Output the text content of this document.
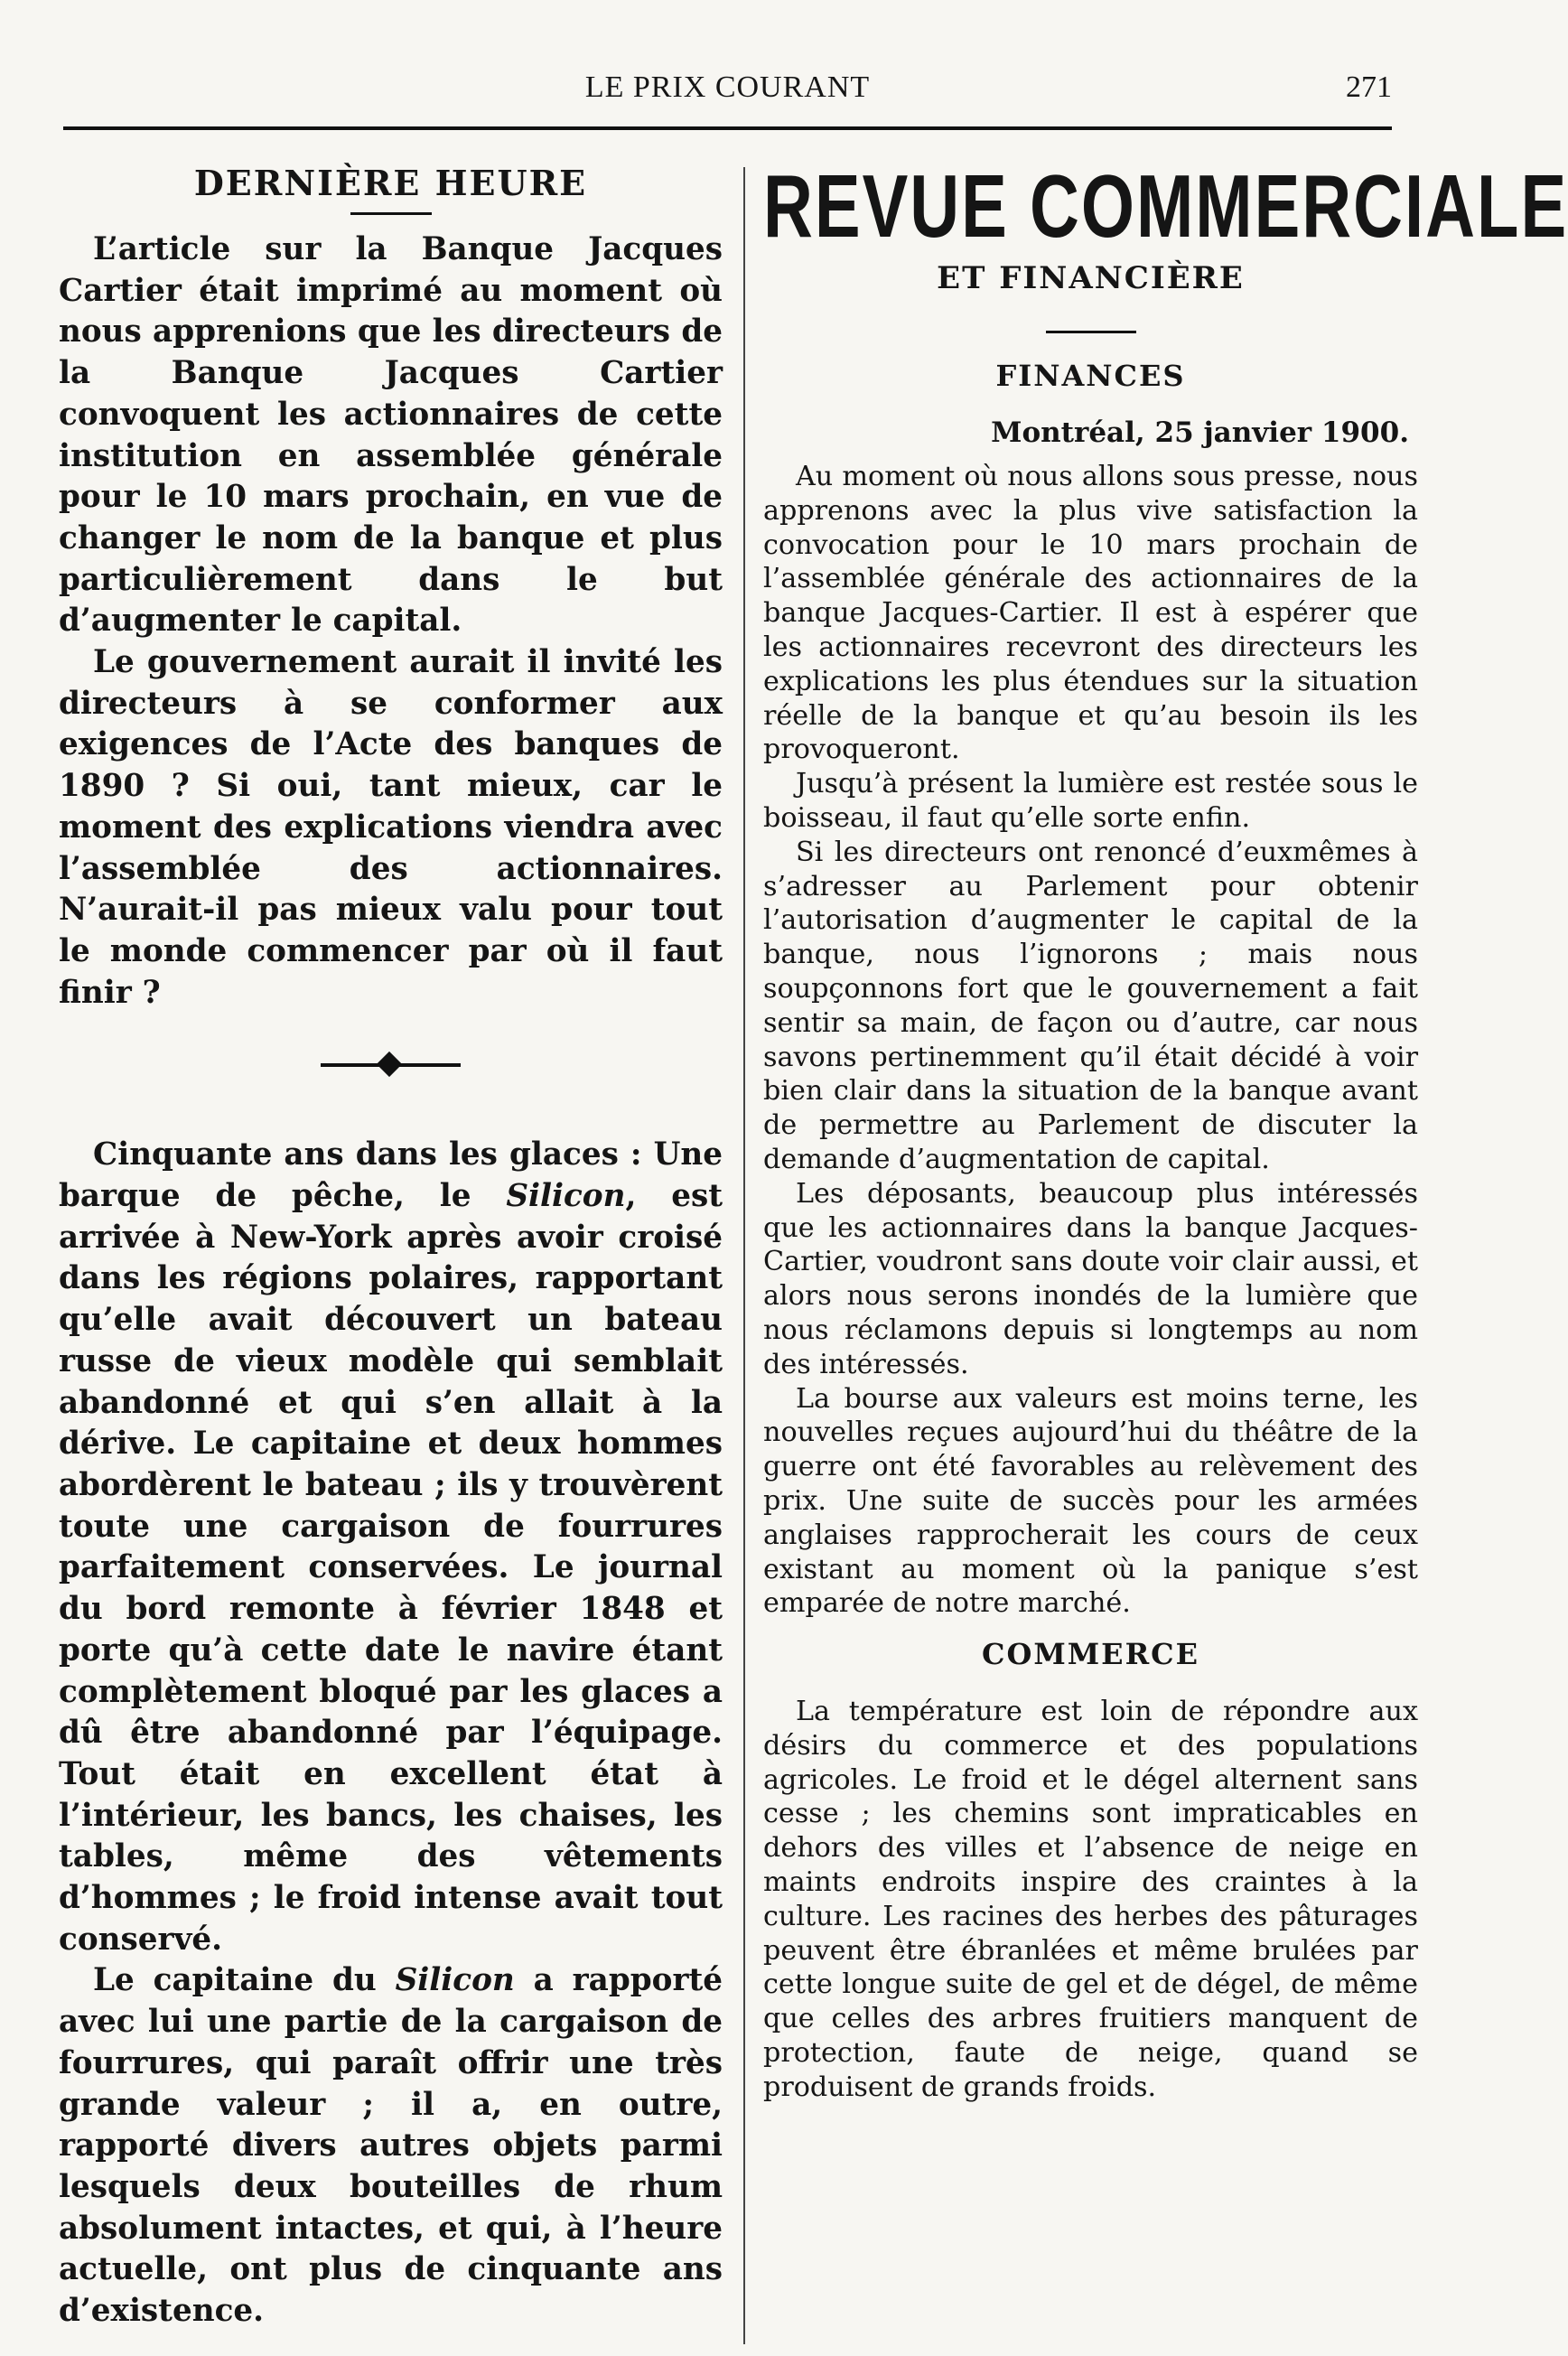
LE PRIX COURANT	271
DERNIÈRE HEURE

L’article sur la Banque Jacques Cartier était imprimé au moment où nous apprenions que les directeurs de la Banque Jacques Cartier convoquent les actionnaires de cette institution en assemblée générale pour le 10 mars prochain, en vue de changer le nom de la banque et plus particulièrement dans le but d’augmenter le capital.

Le gouvernement aurait il invité les directeurs à se conformer aux exigences de l’Acte des banques de 1890 ? Si oui, tant mieux, car le moment des explications viendra avec l’assemblée des actionnaires. N’aurait-il pas mieux valu pour tout le monde commencer par où il faut finir ?

Cinquante ans dans les glaces : Une barque de pêche, le Silicon, est arrivée à New-York après avoir croisé dans les régions polaires, rapportant qu’elle avait découvert un bateau russe de vieux modèle qui semblait abandonné et qui s’en allait à la dérive. Le capitaine et deux hommes abordèrent le bateau ; ils y trouvèrent toute une cargaison de fourrures parfaitement conservées. Le journal du bord remonte à février 1848 et porte qu’à cette date le navire étant complètement bloqué par les glaces a dû être abandonné par l’équipage. Tout était en excellent état à l’intérieur, les bancs, les chaises, les tables, même des vêtements d’hommes ; le froid intense avait tout conservé.

Le capitaine du Silicon a rapporté avec lui une partie de la cargaison de fourrures, qui paraît offrir une très grande valeur ; il a, en outre, rapporté divers autres objets parmi lesquels deux bouteilles de rhum absolument intactes, et qui, à l’heure actuelle, ont plus de cinquante ans d’existence.

REVUE COMMERCIALE
ET FINANCIÈRE
FINANCES
Montréal, 25 janvier 1900.

Au moment où nous allons sous presse, nous apprenons avec la plus vive satisfaction la convocation pour le 10 mars prochain de l’assemblée générale des actionnaires de la banque Jacques-Cartier. Il est à espérer que les actionnaires recevront des directeurs les explications les plus étendues sur la situation réelle de la banque et qu’au besoin ils les provoqueront.

Jusqu’à présent la lumière est restée sous le boisseau, il faut qu’elle sorte enfin.

Si les directeurs ont renoncé d’euxmêmes à s’adresser au Parlement pour obtenir l’autorisation d’augmenter le capital de la banque, nous l’ignorons ; mais nous soupçonnons fort que le gouvernement a fait sentir sa main, de façon ou d’autre, car nous savons pertinemment qu’il était décidé à voir bien clair dans la situation de la banque avant de permettre au Parlement de discuter la demande d’augmentation de capital.

Les déposants, beaucoup plus intéressés que les actionnaires dans la banque Jacques-Cartier, voudront sans doute voir clair aussi, et alors nous serons inondés de la lumière que nous réclamons depuis si longtemps au nom des intéressés.

La bourse aux valeurs est moins terne, les nouvelles reçues aujourd’hui du théâtre de la guerre ont été favorables au relèvement des prix. Une suite de succès pour les armées anglaises rapprocherait les cours de ceux existant au moment où la panique s’est emparée de notre marché.

COMMERCE

La température est loin de répondre aux désirs du commerce et des populations agricoles. Le froid et le dégel alternent sans cesse ; les chemins sont impraticables en dehors des villes et l’absence de neige en maints endroits inspire des craintes à la culture. Les racines des herbes des pâturages peuvent être ébranlées et même brulées par cette longue suite de gel et de dégel, de même que celles des arbres fruitiers manquent de protection, faute de neige, quand se produisent de grands froids.
